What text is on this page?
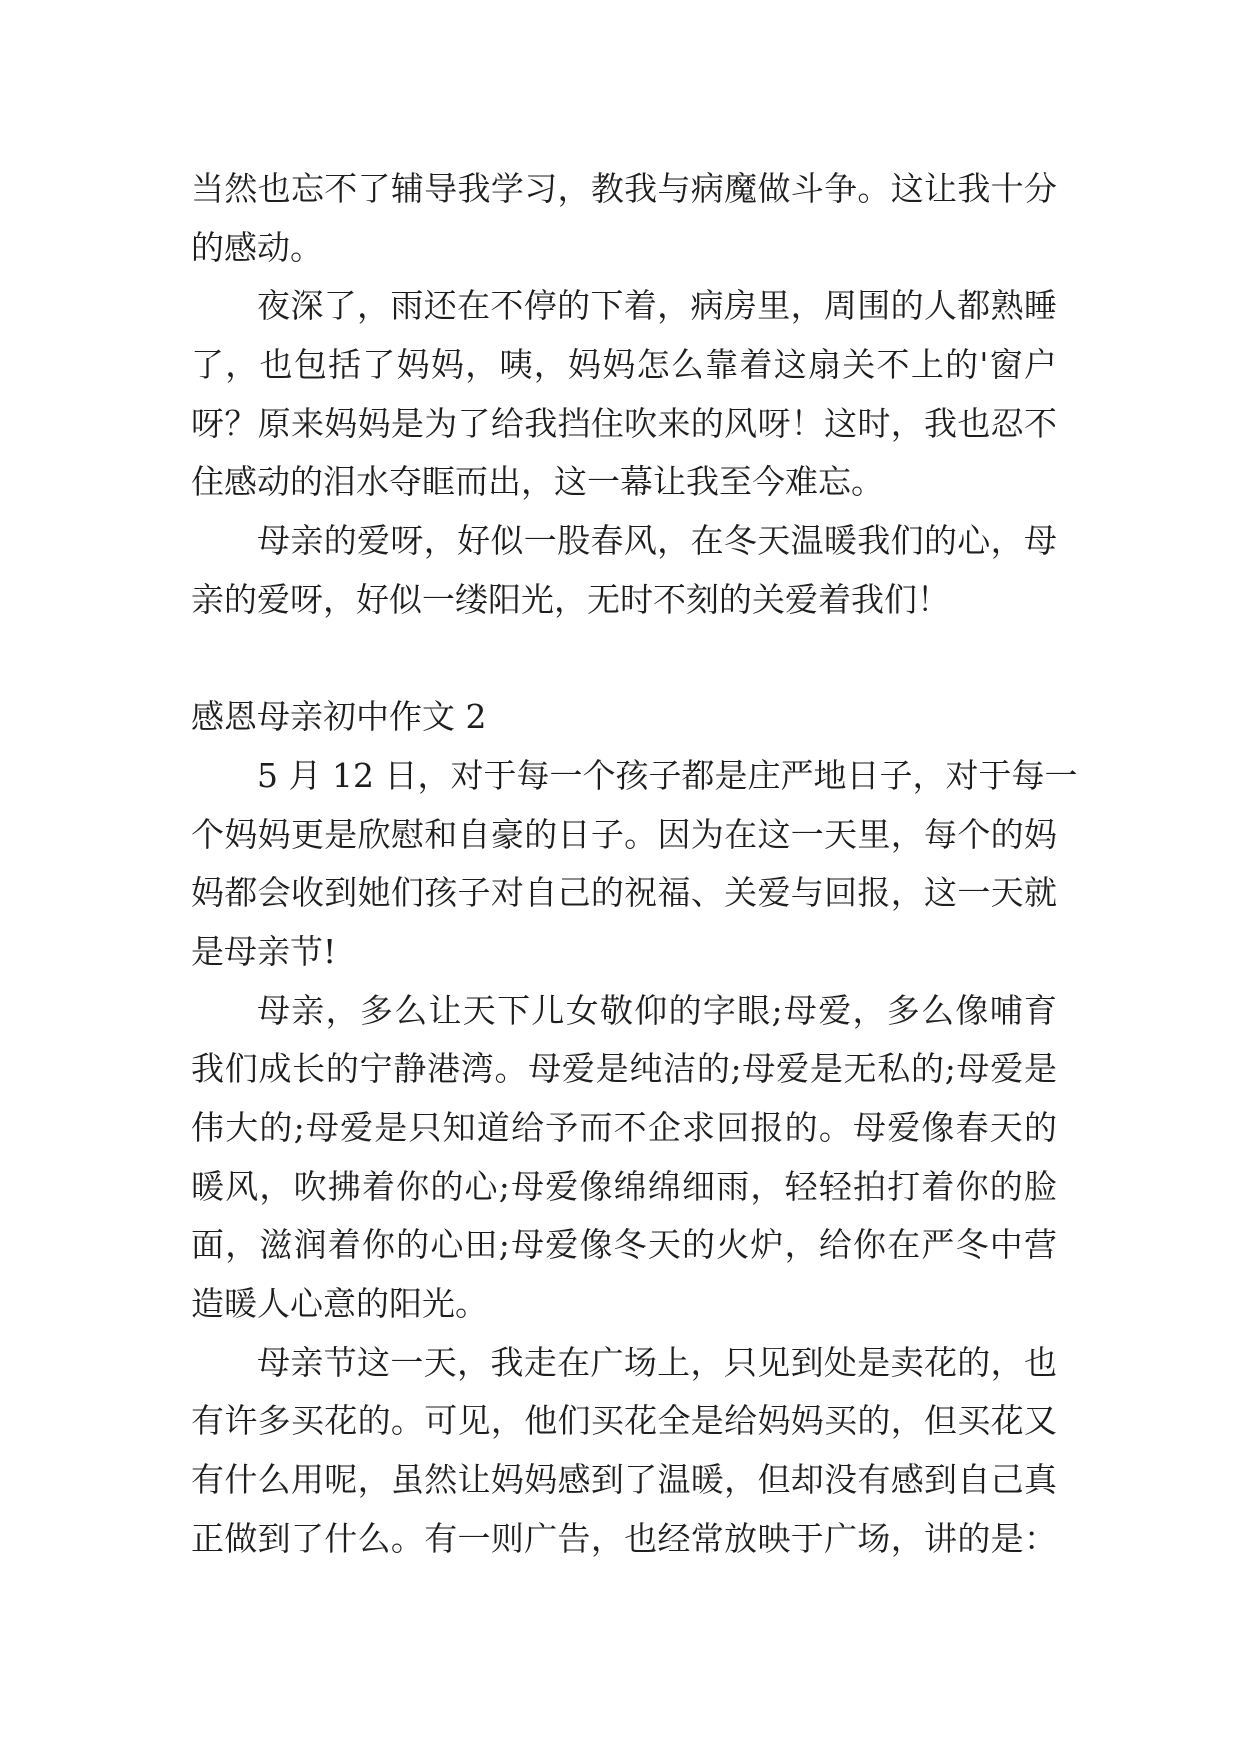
当然也忘不了辅导我学习，教我与病魔做斗争。这让我十分
的感动。
夜深了，雨还在不停的下着，病房里，周围的人都熟睡
了，也包括了妈妈，咦，妈妈怎么靠着这扇关不上的'窗户
呀？原来妈妈是为了给我挡住吹来的风呀！这时，我也忍不
住感动的泪水夺眶而出，这一幕让我至今难忘。
母亲的爱呀，好似一股春风，在冬天温暖我们的心，母
亲的爱呀，好似一缕阳光，无时不刻的关爱着我们！
感恩母亲初中作文 2
5 月 12 日，对于每一个孩子都是庄严地日子，对于每一
个妈妈更是欣慰和自豪的日子。因为在这一天里，每个的妈
妈都会收到她们孩子对自己的祝福、关爱与回报，这一天就
是母亲节!
母亲，多么让天下儿女敬仰的字眼;母爱，多么像哺育
我们成长的宁静港湾。母爱是纯洁的;母爱是无私的;母爱是
伟大的;母爱是只知道给予而不企求回报的。母爱像春天的
暖风，吹拂着你的心;母爱像绵绵细雨，轻轻拍打着你的脸
面，滋润着你的心田;母爱像冬天的火炉，给你在严冬中营
造暖人心意的阳光。
母亲节这一天，我走在广场上，只见到处是卖花的，也
有许多买花的。可见，他们买花全是给妈妈买的，但买花又
有什么用呢，虽然让妈妈感到了温暖，但却没有感到自己真
正做到了什么。有一则广告，也经常放映于广场，讲的是：
